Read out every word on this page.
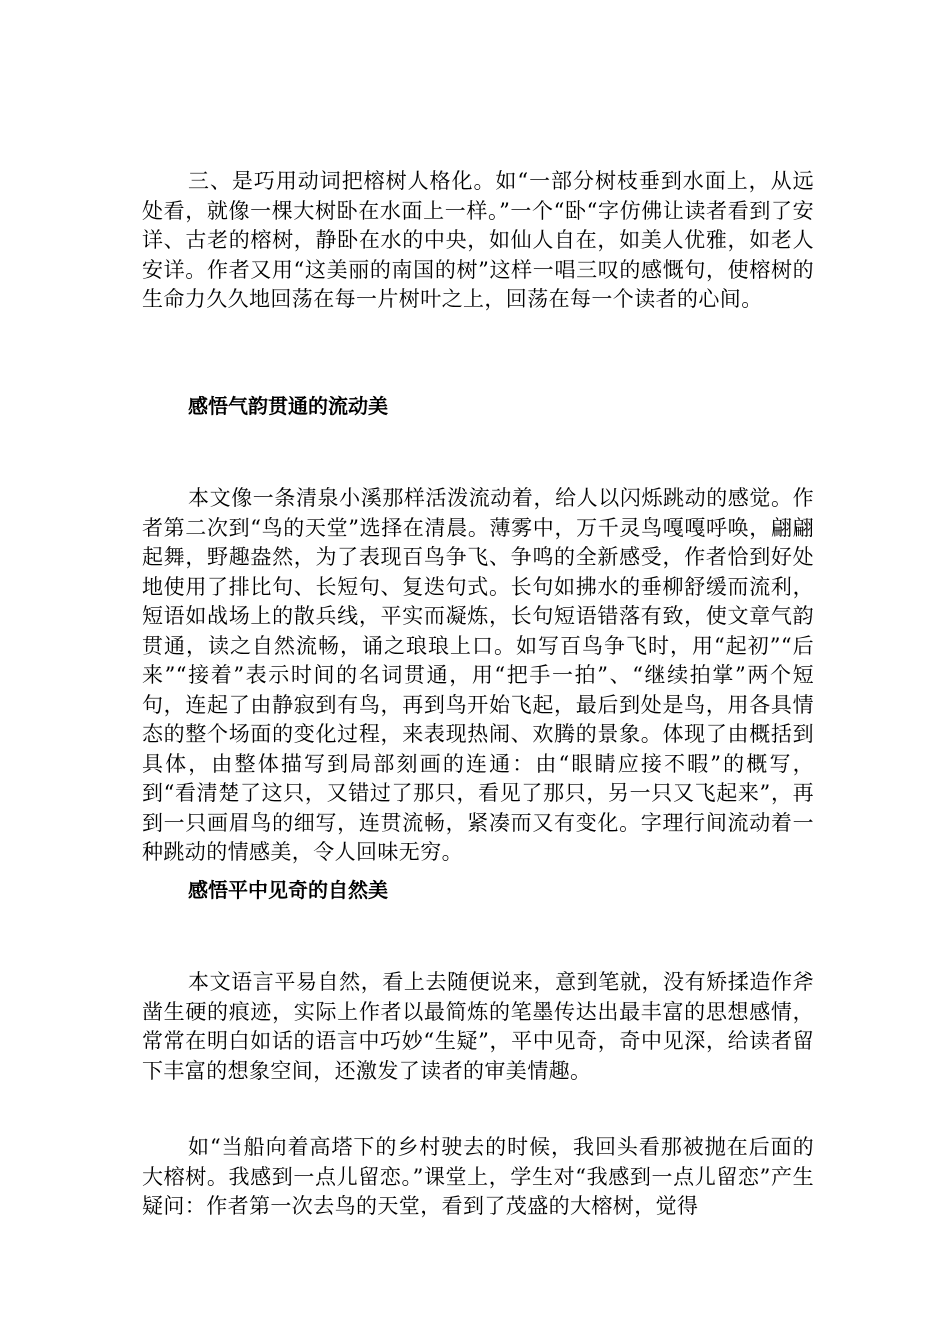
三、是巧用动词把榕树人格化。如“一部分树枝垂到水面上，从远处看，就像一棵大树卧在水面上一样。”一个“卧“字仿佛让读者看到了安详、古老的榕树，静卧在水的中央，如仙人自在，如美人优雅，如老人安详。作者又用“这美丽的南国的树”这样一唱三叹的感慨句，使榕树的生命力久久地回荡在每一片树叶之上，回荡在每一个读者的心间。

感悟气韵贯通的流动美

本文像一条清泉小溪那样活泼流动着，给人以闪烁跳动的感觉。作者第二次到“鸟的天堂”选择在清晨。薄雾中，万千灵鸟嘎嘎呼唤，翩翩起舞，野趣盎然，为了表现百鸟争飞、争鸣的全新感受，作者恰到好处地使用了排比句、长短句、复迭句式。长句如拂水的垂柳舒缓而流利，短语如战场上的散兵线，平实而凝炼，长句短语错落有致，使文章气韵贯通，读之自然流畅，诵之琅琅上口。如写百鸟争飞时，用“起初”“后来”“接着”表示时间的名词贯通，用“把手一拍”、“继续拍掌”两个短句，连起了由静寂到有鸟，再到鸟开始飞起，最后到处是鸟，用各具情态的整个场面的变化过程，来表现热闹、欢腾的景象。体现了由概括到具体，由整体描写到局部刻画的连通：由“眼睛应接不暇”的概写，到“看清楚了这只，又错过了那只，看见了那只，另一只又飞起来”，再到一只画眉鸟的细写，连贯流畅，紧凑而又有变化。字理行间流动着一种跳动的情感美，令人回味无穷。

感悟平中见奇的自然美

本文语言平易自然，看上去随便说来，意到笔就，没有矫揉造作斧凿生硬的痕迹，实际上作者以最简炼的笔墨传达出最丰富的思想感情，常常在明白如话的语言中巧妙“生疑”，平中见奇，奇中见深，给读者留下丰富的想象空间，还激发了读者的审美情趣。

如“当船向着高塔下的乡村驶去的时候，我回头看那被抛在后面的大榕树。我感到一点儿留恋。”课堂上，学生对“我感到一点儿留恋”产生疑问：作者第一次去鸟的天堂，看到了茂盛的大榕树，觉得
